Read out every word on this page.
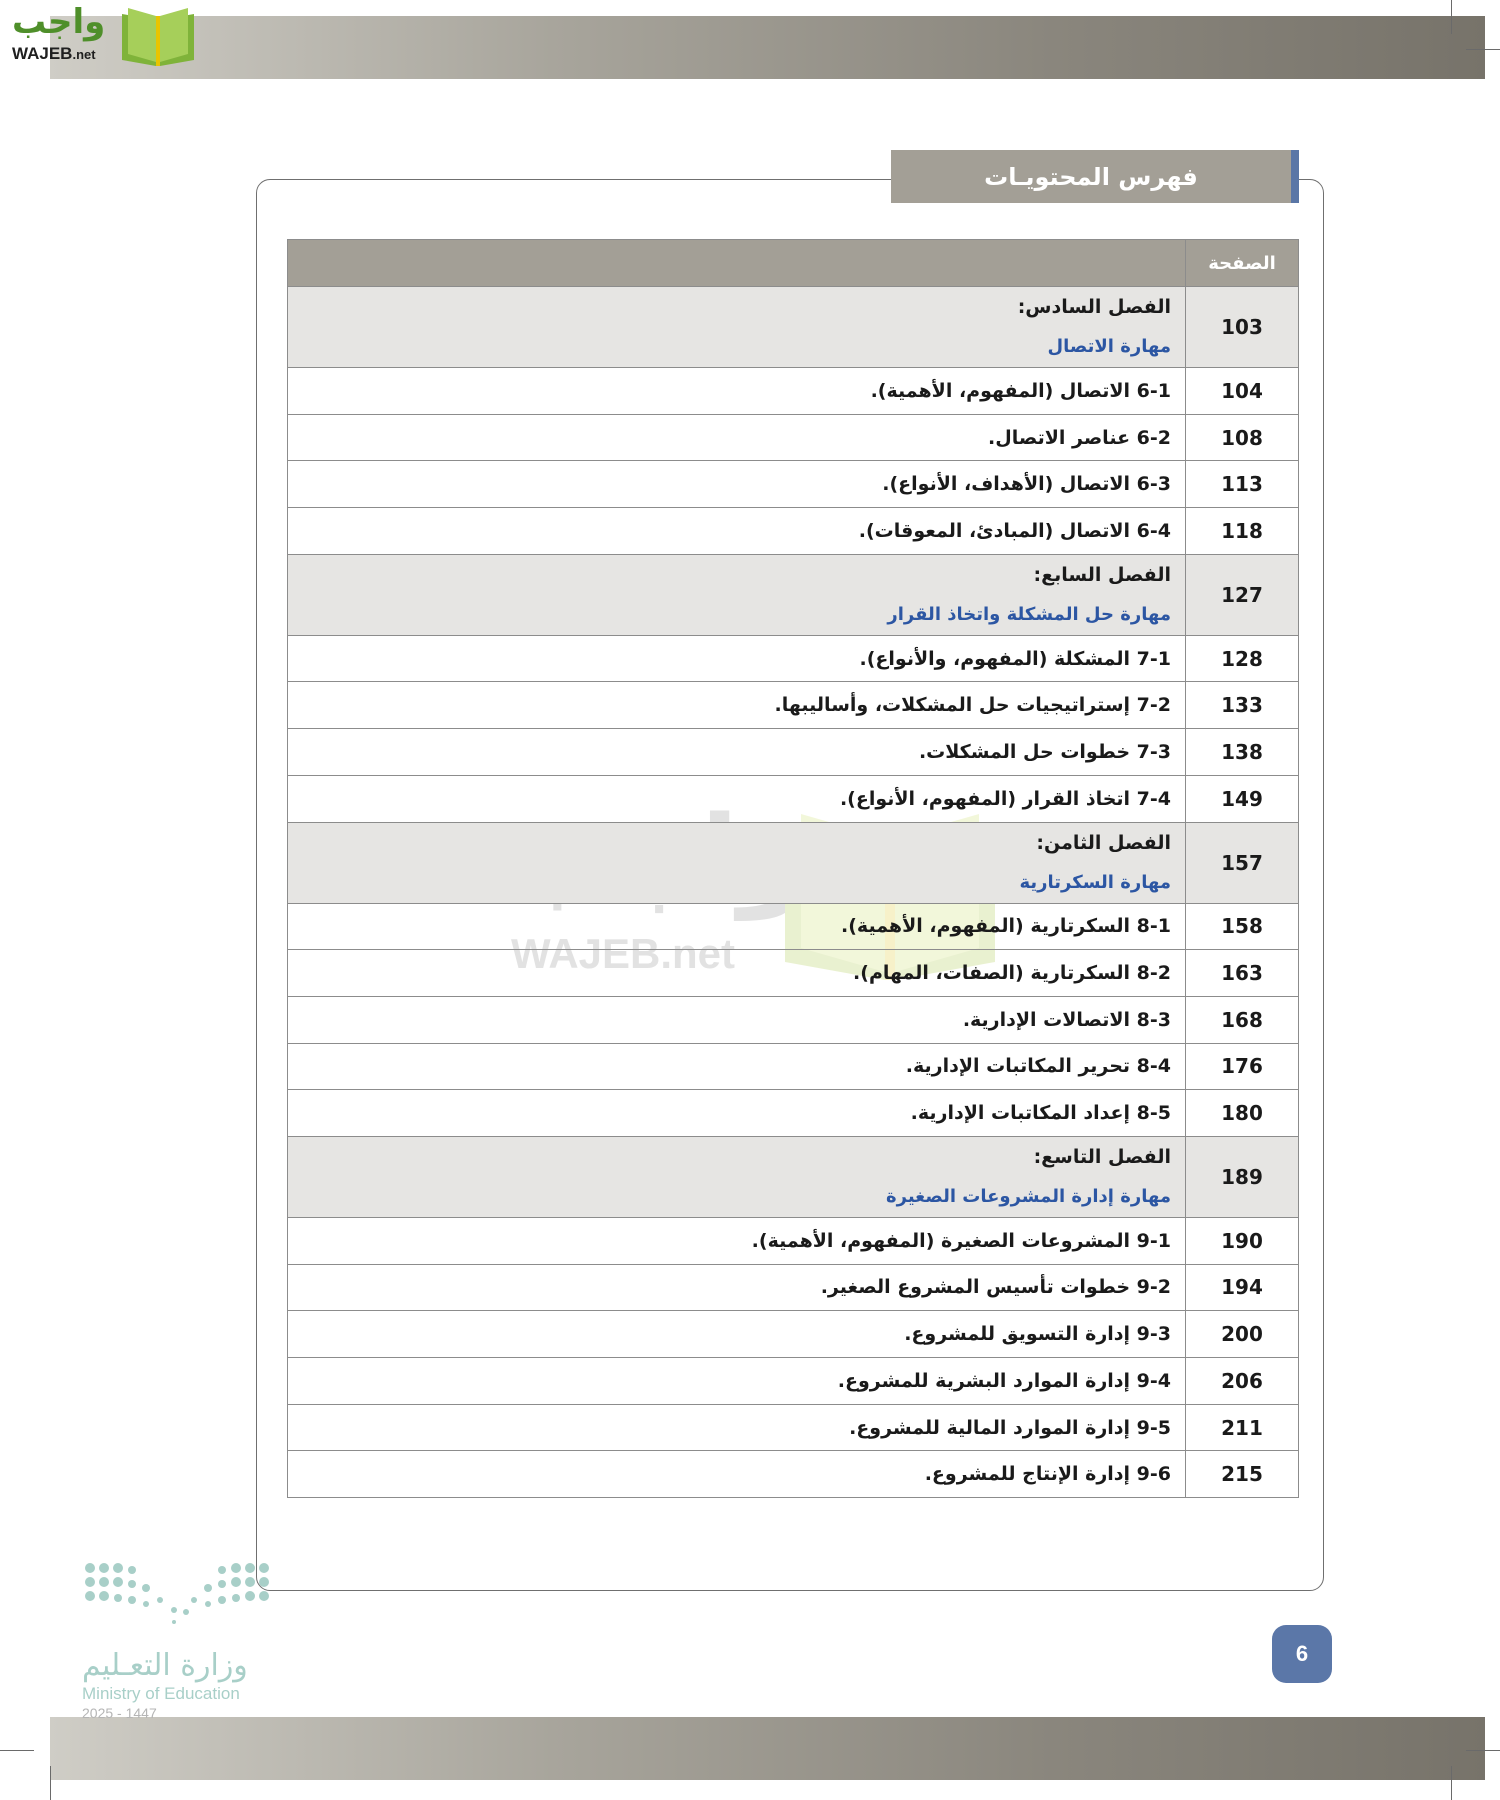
واجب
WAJEB.net
فهرس المحتويـات
WAJEB.net
الصفحة	
103	الفصل السادس:
مهارة الاتصال

104	6-1 الاتصال (المفهوم، الأهمية).
108	6-2 عناصر الاتصال.
113	6-3 الاتصال (الأهداف، الأنواع).
118	6-4 الاتصال (المبادئ، المعوقات).
127	الفصل السابع:
مهارة حل المشكلة واتخاذ القرار

128	7-1 المشكلة (المفهوم، والأنواع).
133	7-2 إستراتيجيات حل المشكلات، وأساليبها.
138	7-3 خطوات حل المشكلات.
149	7-4 اتخاذ القرار (المفهوم، الأنواع).
157	الفصل الثامن:
مهارة السكرتارية

158	8-1 السكرتارية (المفهوم، الأهمية).
163	8-2 السكرتارية (الصفات، المهام).
168	8-3 الاتصالات الإدارية.
176	8-4 تحرير المكاتبات الإدارية.
180	8-5 إعداد المكاتبات الإدارية.
189	الفصل التاسع:
مهارة إدارة المشروعات الصغيرة

190	9-1 المشروعات الصغيرة (المفهوم، الأهمية).
194	9-2 خطوات تأسيس المشروع الصغير.
200	9-3 إدارة التسويق للمشروع.
206	9-4 إدارة الموارد البشرية للمشروع.
211	9-5 إدارة الموارد المالية للمشروع.
215	9-6 إدارة الإنتاج للمشروع.
وزارة التعـليم
Ministry of Education
2025 - 1447
6
